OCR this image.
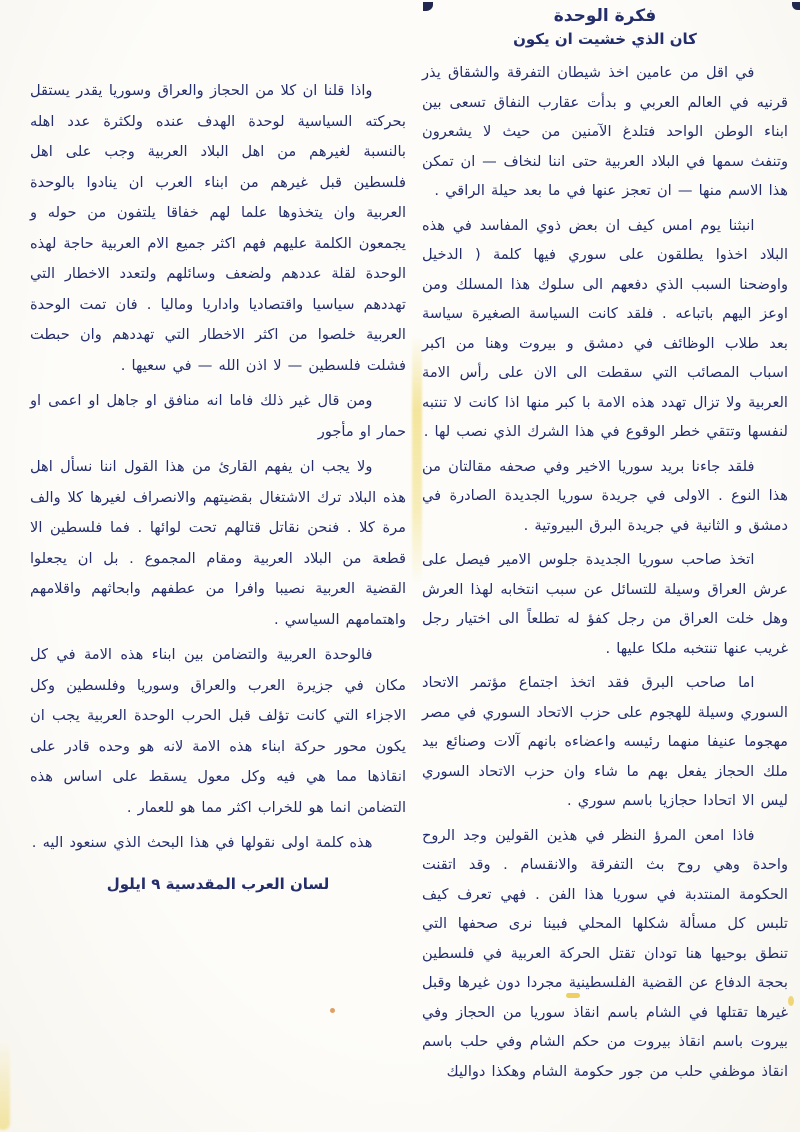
فكرة الوحدة
كان الذي خشيت ان يكون

في اقل من عامين اخذ شيطان التفرقة والشقاق يذر قرنيه في العالم العربي و بدأت عقارب النفاق تسعى بين ابناء الوطن الواحد فتلدغ الآمنين من حيث لا يشعرون وتنفث سمها في البلاد العربية حتى اننا لنخاف — ان تمكن هذا الاسم منها — ان تعجز عنها في ما بعد حيلة الراقي .

انبثنا يوم امس كيف ان بعض ذوي المفاسد في هذه البلاد اخذوا يطلقون على سوري فيها كلمة ( الدخيل واوضحنا السبب الذي دفعهم الى سلوك هذا المسلك ومن اوعز اليهم باتباعه . فلقد كانت السياسة الصغيرة سياسة بعد طلاب الوظائف في دمشق و بيروت وهنا من اكبر اسباب المصائب التي سقطت الى الان على رأس الامة العربية ولا تزال تهدد هذه الامة با كبر منها اذا كانت لا تنتبه لنفسها وتتقي خطر الوقوع في هذا الشرك الذي نصب لها .

فلقد جاءنا بريد سوريا الاخير وفي صحفه مقالتان من هذا النوع . الاولى في جريدة سوريا الجديدة الصادرة في دمشق و الثانية في جريدة البرق البيروتية .

اتخذ صاحب سوريا الجديدة جلوس الامير فيصل على عرش العراق وسيلة للتسائل عن سبب انتخابه لهذا العرش وهل خلت العراق من رجل كفؤ له تطلعاً الى اختيار رجل غريب عنها تنتخبه ملكا عليها .

اما صاحب البرق فقد اتخذ اجتماع مؤتمر الاتحاد السوري وسيلة للهجوم على حزب الاتحاد السوري في مصر مهجوما عنيفا منهما رئيسه واعضاءه بانهم آلات وصنائع بيد ملك الحجاز يفعل بهم ما شاء وان حزب الاتحاد السوري ليس الا اتحادا حجازيا باسم سوري .

فاذا امعن المرؤ النظر في هذين القولين وجد الروح واحدة وهي روح بث التفرقة والانقسام . وقد اتقنت الحكومة المنتدبة في سوريا هذا الفن . فهي تعرف كيف تلبس كل مسألة شكلها المحلي فبينا نرى صحفها التي تنطق بوحيها هنا تودان تقتل الحركة العربية في فلسطين بحجة الدفاع عن القضية الفلسطينية مجردا دون غيرها وقبل غيرها تقتلها في الشام باسم انقاذ سوريا من الحجاز وفي بيروت باسم انقاذ بيروت من حكم الشام وفي حلب باسم انقاذ موظفي حلب من جور حكومة الشام وهكذا دواليك

واذا قلنا ان كلا من الحجاز والعراق وسوريا يقدر يستقل بحركته السياسية لوحدة الهدف عنده ولكثرة عدد اهله بالنسبة لغيرهم من اهل البلاد العربية وجب على اهل فلسطين قبل غيرهم من ابناء العرب ان ينادوا بالوحدة العربية وان يتخذوها علما لهم خفاقا يلتفون من حوله و يجمعون الكلمة عليهم فهم اكثر جميع الام العربية حاجة لهذه الوحدة لقلة عددهم ولضعف وسائلهم ولتعدد الاخطار التي تهددهم سياسيا واقتصاديا واداريا وماليا . فان تمت الوحدة العربية خلصوا من اكثر الاخطار التي تهددهم وان حبطت فشلت فلسطين — لا اذن الله — في سعيها .

ومن قال غير ذلك فاما انه منافق او جاهل او اعمى او حمار او مأجور

ولا يجب ان يفهم القارئ من هذا القول اننا نسأل اهل هذه البلاد ترك الاشتغال بقضيتهم والانصراف لغيرها كلا والف مرة كلا . فنحن نقاتل قتالهم تحت لوائها . فما فلسطين الا قطعة من البلاد العربية ومقام المجموع . بل ان يجعلوا القضية العربية نصيبا وافرا من عطفهم وابحاثهم واقلامهم واهتمامهم السياسي .

فالوحدة العربية والتضامن بين ابناء هذه الامة في كل مكان في جزيرة العرب والعراق وسوريا وفلسطين وكل الاجزاء التي كانت تؤلف قبل الحرب الوحدة العربية يجب ان يكون محور حركة ابناء هذه الامة لانه هو وحده قادر على انقاذها مما هي فيه وكل معول يسقط على اساس هذه التضامن انما هو للخراب اكثر مما هو للعمار .

هذه كلمة اولى نقولها في هذا البحث الذي سنعود اليه .

لسان العرب المقدسية ٩ ايلول
